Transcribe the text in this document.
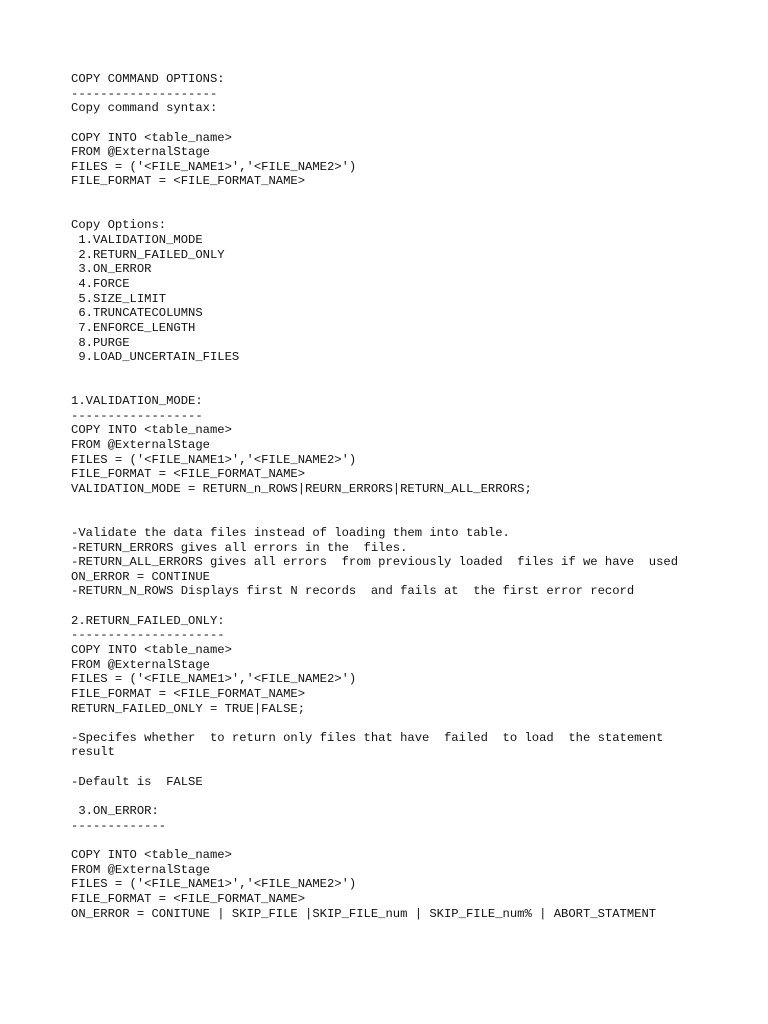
COPY COMMAND OPTIONS:
--------------------
Copy command syntax:
COPY INTO <table_name>
FROM @ExternalStage
FILES = ('<FILE_NAME1>','<FILE_NAME2>')
FILE_FORMAT = <FILE_FORMAT_NAME>
Copy Options:
1.VALIDATION_MODE
2.RETURN_FAILED_ONLY
3.ON_ERROR
4.FORCE
5.SIZE_LIMIT
6.TRUNCATECOLUMNS
7.ENFORCE_LENGTH
8.PURGE
9.LOAD_UNCERTAIN_FILES
1.VALIDATION_MODE:
------------------
COPY INTO <table_name>
FROM @ExternalStage
FILES = ('<FILE_NAME1>','<FILE_NAME2>')
FILE_FORMAT = <FILE_FORMAT_NAME>
VALIDATION_MODE = RETURN_n_ROWS|REURN_ERRORS|RETURN_ALL_ERRORS;
-Validate the data files instead of loading them into table.
-RETURN_ERRORS gives all errors in the  files.
-RETURN_ALL_ERRORS gives all errors  from previously loaded  files if we have  used
ON_ERROR = CONTINUE
-RETURN_N_ROWS Displays first N records  and fails at  the first error record
2.RETURN_FAILED_ONLY:
---------------------
COPY INTO <table_name>
FROM @ExternalStage
FILES = ('<FILE_NAME1>','<FILE_NAME2>')
FILE_FORMAT = <FILE_FORMAT_NAME>
RETURN_FAILED_ONLY = TRUE|FALSE;
-Specifes whether  to return only files that have  failed  to load  the statement
result
-Default is  FALSE
3.ON_ERROR:
-------------
COPY INTO <table_name>
FROM @ExternalStage
FILES = ('<FILE_NAME1>','<FILE_NAME2>')
FILE_FORMAT = <FILE_FORMAT_NAME>
ON_ERROR = CONITUNE | SKIP_FILE |SKIP_FILE_num | SKIP_FILE_num% | ABORT_STATMENT
